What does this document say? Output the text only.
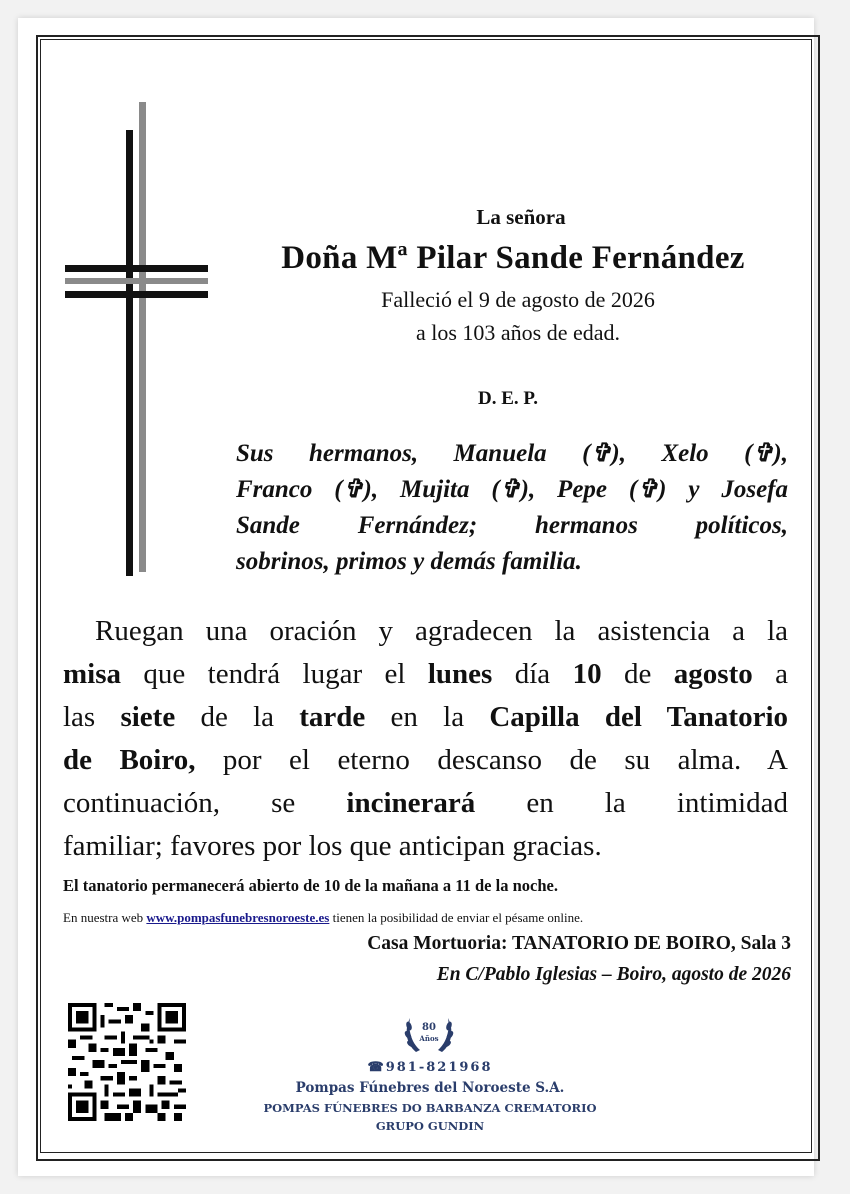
La señora
Doña Mª Pilar Sande Fernández
Falleció el 9 de agosto de 2026
a los 103 años de edad.
D. E. P.
Sus hermanos, Manuela (✞), Xelo (✞),
Franco (✞), Mujita (✞), Pepe (✞) y Josefa
Sande Fernández; hermanos políticos,
sobrinos, primos y demás familia.
Ruegan una oración y agradecen la asistencia a la
misa que tendrá lugar el lunes día 10 de agosto a
las siete de la tarde en la Capilla del Tanatorio
de Boiro, por el eterno descanso de su alma. A
continuación, se incinerará en la intimidad
familiar; favores por los que anticipan gracias.
El tanatorio permanecerá abierto de 10 de la mañana a 11 de la noche.
En nuestra web www.pompasfunebresnoroeste.es tienen la posibilidad de enviar el pésame online.
Casa Mortuoria: TANATORIO DE BOIRO, Sala 3
En C/Pablo Iglesias – Boiro, agosto de 2026
80
Años
☎981-821968
Pompas Fúnebres del Noroeste S.A.
POMPAS FÚNEBRES DO BARBANZA CREMATORIO
GRUPO GUNDIN
